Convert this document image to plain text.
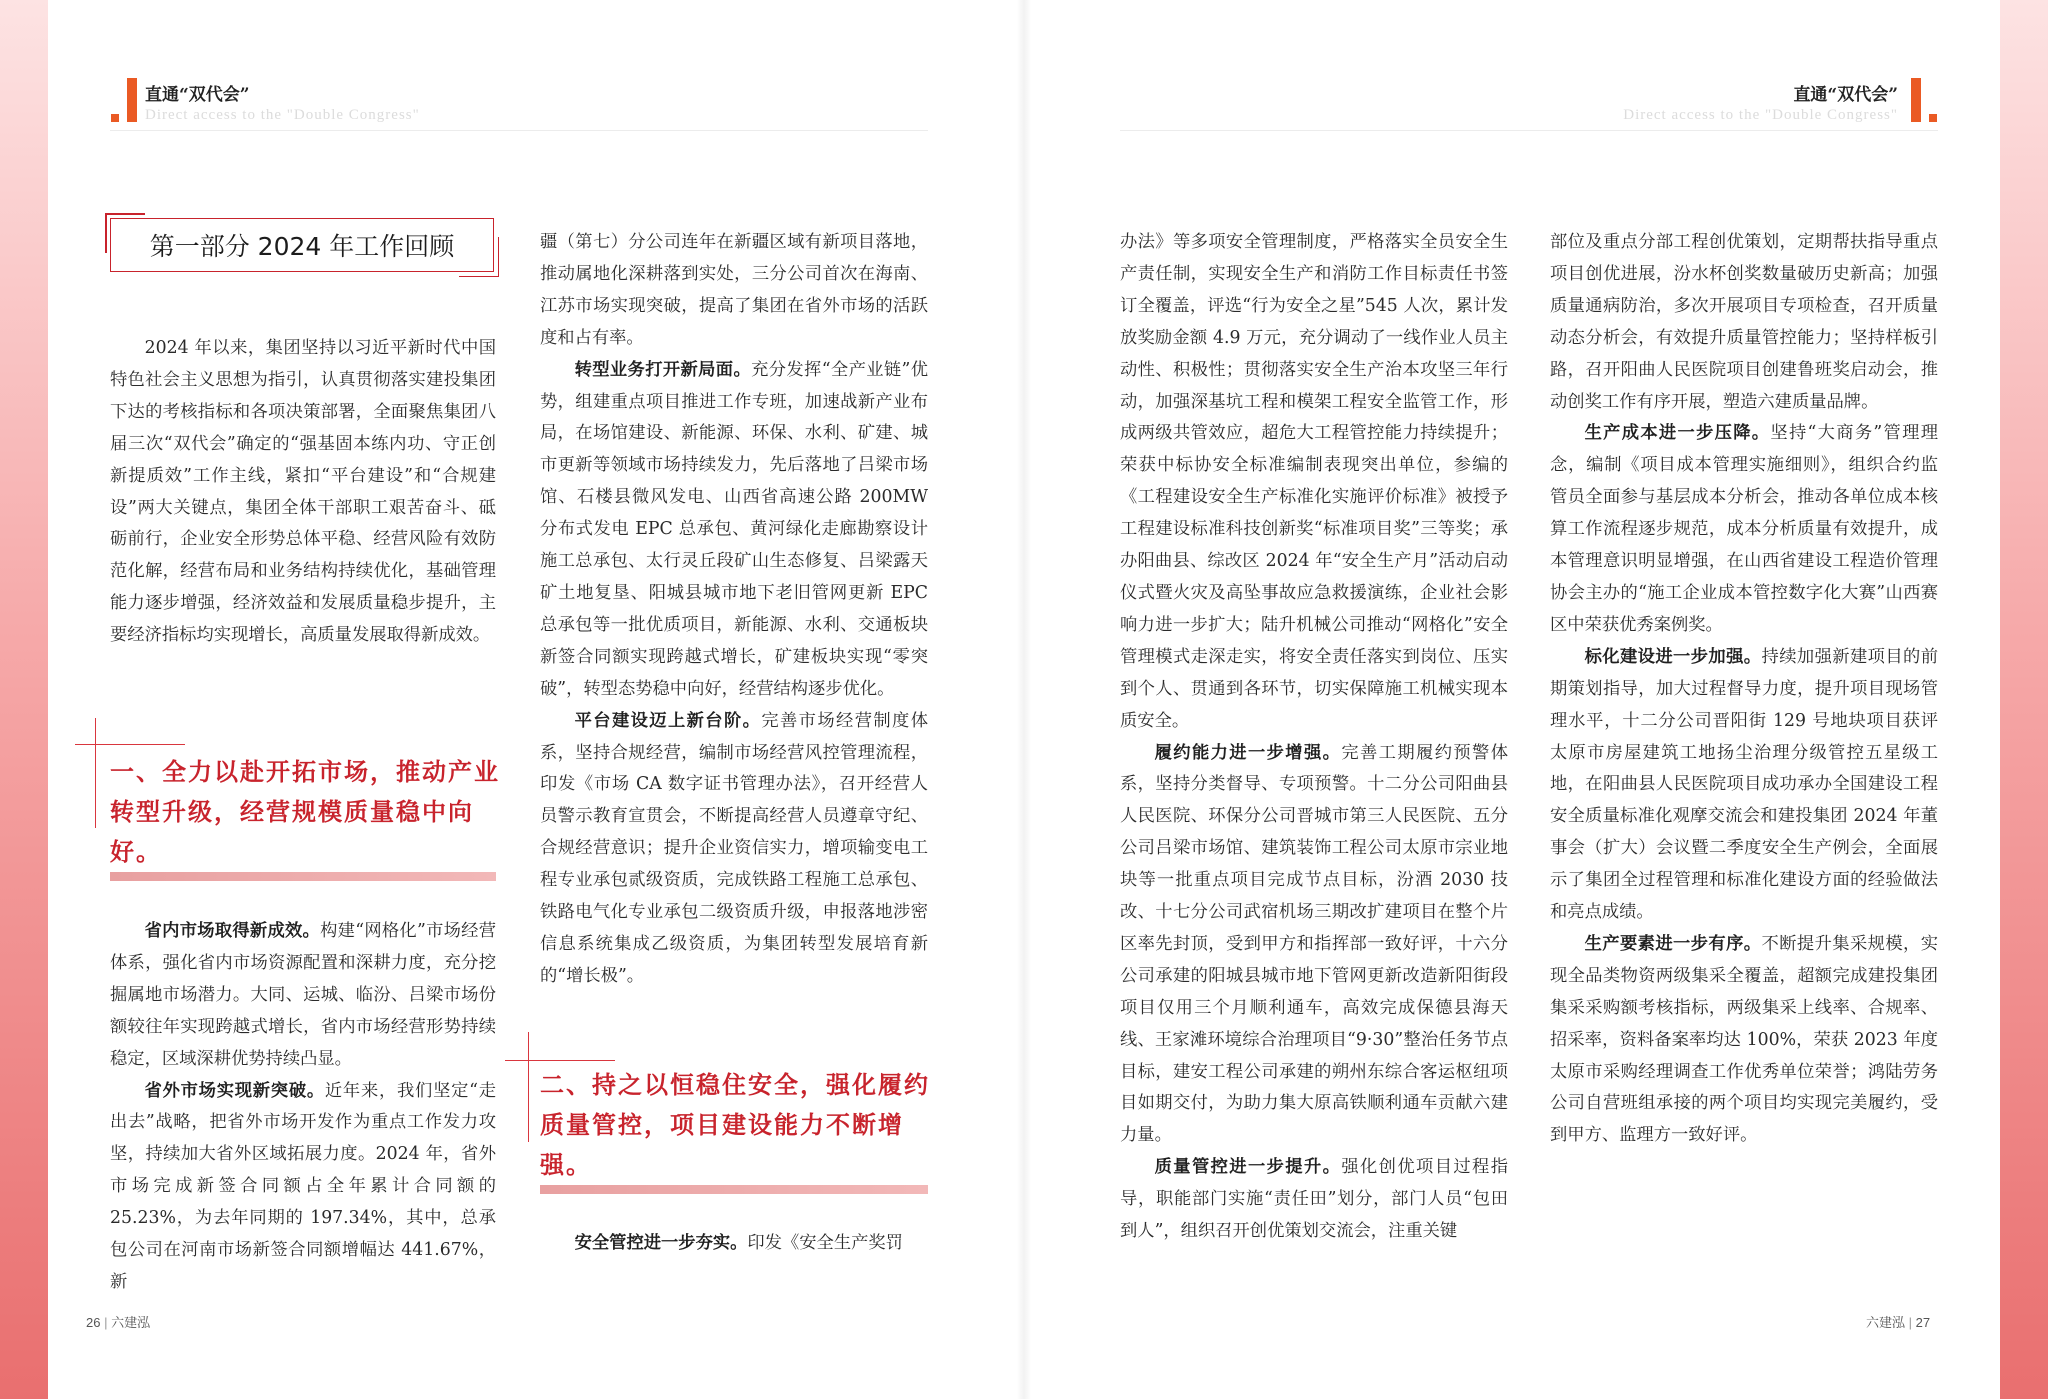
直通“双代会”
Direct access to the "Double Congress"
直通“双代会”
Direct access to the "Double Congress"
第一部分 2024 年工作回顾

2024 年以来，集团坚持以习近平新时代中国特色社会主义思想为指引，认真贯彻落实建投集团下达的考核指标和各项决策部署，全面聚焦集团八届三次“双代会”确定的“强基固本练内功、守正创新提质效”工作主线，紧扣“平台建设”和“合规建设”两大关键点，集团全体干部职工艰苦奋斗、砥砺前行，企业安全形势总体平稳、经营风险有效防范化解，经营布局和业务结构持续优化，基础管理能力逐步增强，经济效益和发展质量稳步提升，主要经济指标均实现增长，高质量发展取得新成效。

一、全力以赴开拓市场，推动产业转型升级，经营规模质量稳中向好。

省内市场取得新成效。构建“网格化”市场经营体系，强化省内市场资源配置和深耕力度，充分挖掘属地市场潜力。大同、运城、临汾、吕梁市场份额较往年实现跨越式增长，省内市场经营形势持续稳定，区域深耕优势持续凸显。

省外市场实现新突破。近年来，我们坚定“走出去”战略，把省外市场开发作为重点工作发力攻坚，持续加大省外区域拓展力度。2024 年，省外市场完成新签合同额占全年累计合同额的 25.23%，为去年同期的 197.34%，其中，总承包公司在河南市场新签合同额增幅达 441.67%，新

疆（第七）分公司连年在新疆区域有新项目落地，推动属地化深耕落到实处，三分公司首次在海南、江苏市场实现突破，提高了集团在省外市场的活跃度和占有率。

转型业务打开新局面。充分发挥“全产业链”优势，组建重点项目推进工作专班，加速战新产业布局，在场馆建设、新能源、环保、水利、矿建、城市更新等领域市场持续发力，先后落地了吕梁市场馆、石楼县微风发电、山西省高速公路 200MW 分布式发电 EPC 总承包、黄河绿化走廊勘察设计施工总承包、太行灵丘段矿山生态修复、吕梁露天矿土地复垦、阳城县城市地下老旧管网更新 EPC 总承包等一批优质项目，新能源、水利、交通板块新签合同额实现跨越式增长，矿建板块实现“零突破”，转型态势稳中向好，经营结构逐步优化。

平台建设迈上新台阶。完善市场经营制度体系，坚持合规经营，编制市场经营风控管理流程，印发《市场 CA 数字证书管理办法》，召开经营人员警示教育宣贯会，不断提高经营人员遵章守纪、合规经营意识；提升企业资信实力，增项输变电工程专业承包贰级资质，完成铁路工程施工总承包、铁路电气化专业承包二级资质升级，申报落地涉密信息系统集成乙级资质，为集团转型发展培育新的“增长极”。

二、持之以恒稳住安全，强化履约质量管控，项目建设能力不断增强。

安全管控进一步夯实。印发《安全生产奖罚

办法》等多项安全管理制度，严格落实全员安全生产责任制，实现安全生产和消防工作目标责任书签订全覆盖，评选“行为安全之星”545 人次，累计发放奖励金额 4.9 万元，充分调动了一线作业人员主动性、积极性；贯彻落实安全生产治本攻坚三年行动，加强深基坑工程和模架工程安全监管工作，形成两级共管效应，超危大工程管控能力持续提升；荣获中标协安全标准编制表现突出单位，参编的《工程建设安全生产标准化实施评价标准》被授予工程建设标准科技创新奖“标准项目奖”三等奖；承办阳曲县、综改区 2024 年“安全生产月”活动启动仪式暨火灾及高坠事故应急救援演练，企业社会影响力进一步扩大；陆升机械公司推动“网格化”安全管理模式走深走实，将安全责任落实到岗位、压实到个人、贯通到各环节，切实保障施工机械实现本质安全。

履约能力进一步增强。完善工期履约预警体系，坚持分类督导、专项预警。十二分公司阳曲县人民医院、环保分公司晋城市第三人民医院、五分公司吕梁市场馆、建筑装饰工程公司太原市宗业地块等一批重点项目完成节点目标，汾酒 2030 技改、十七分公司武宿机场三期改扩建项目在整个片区率先封顶，受到甲方和指挥部一致好评，十六分公司承建的阳城县城市地下管网更新改造新阳街段项目仅用三个月顺利通车，高效完成保德县海天线、王家滩环境综合治理项目“9·30”整治任务节点目标，建安工程公司承建的朔州东综合客运枢纽项目如期交付，为助力集大原高铁顺利通车贡献六建力量。

质量管控进一步提升。强化创优项目过程指导，职能部门实施“责任田”划分，部门人员“包田到人”，组织召开创优策划交流会，注重关键

部位及重点分部工程创优策划，定期帮扶指导重点项目创优进展，汾水杯创奖数量破历史新高；加强质量通病防治，多次开展项目专项检查，召开质量动态分析会，有效提升质量管控能力；坚持样板引路，召开阳曲人民医院项目创建鲁班奖启动会，推动创奖工作有序开展，塑造六建质量品牌。

生产成本进一步压降。坚持“大商务”管理理念，编制《项目成本管理实施细则》，组织合约监管员全面参与基层成本分析会，推动各单位成本核算工作流程逐步规范，成本分析质量有效提升，成本管理意识明显增强，在山西省建设工程造价管理协会主办的“施工企业成本管控数字化大赛”山西赛区中荣获优秀案例奖。

标化建设进一步加强。持续加强新建项目的前期策划指导，加大过程督导力度，提升项目现场管理水平，十二分公司晋阳街 129 号地块项目获评太原市房屋建筑工地扬尘治理分级管控五星级工地，在阳曲县人民医院项目成功承办全国建设工程安全质量标准化观摩交流会和建投集团 2024 年董事会（扩大）会议暨二季度安全生产例会，全面展示了集团全过程管理和标准化建设方面的经验做法和亮点成绩。

生产要素进一步有序。不断提升集采规模，实现全品类物资两级集采全覆盖，超额完成建投集团集采采购额考核指标，两级集采上线率、合规率、招采率，资料备案率均达 100%，荣获 2023 年度太原市采购经理调查工作优秀单位荣誉；鸿陆劳务公司自营班组承接的两个项目均实现完美履约，受到甲方、监理方一致好评。

26 | 六建泓	六建泓 | 27
